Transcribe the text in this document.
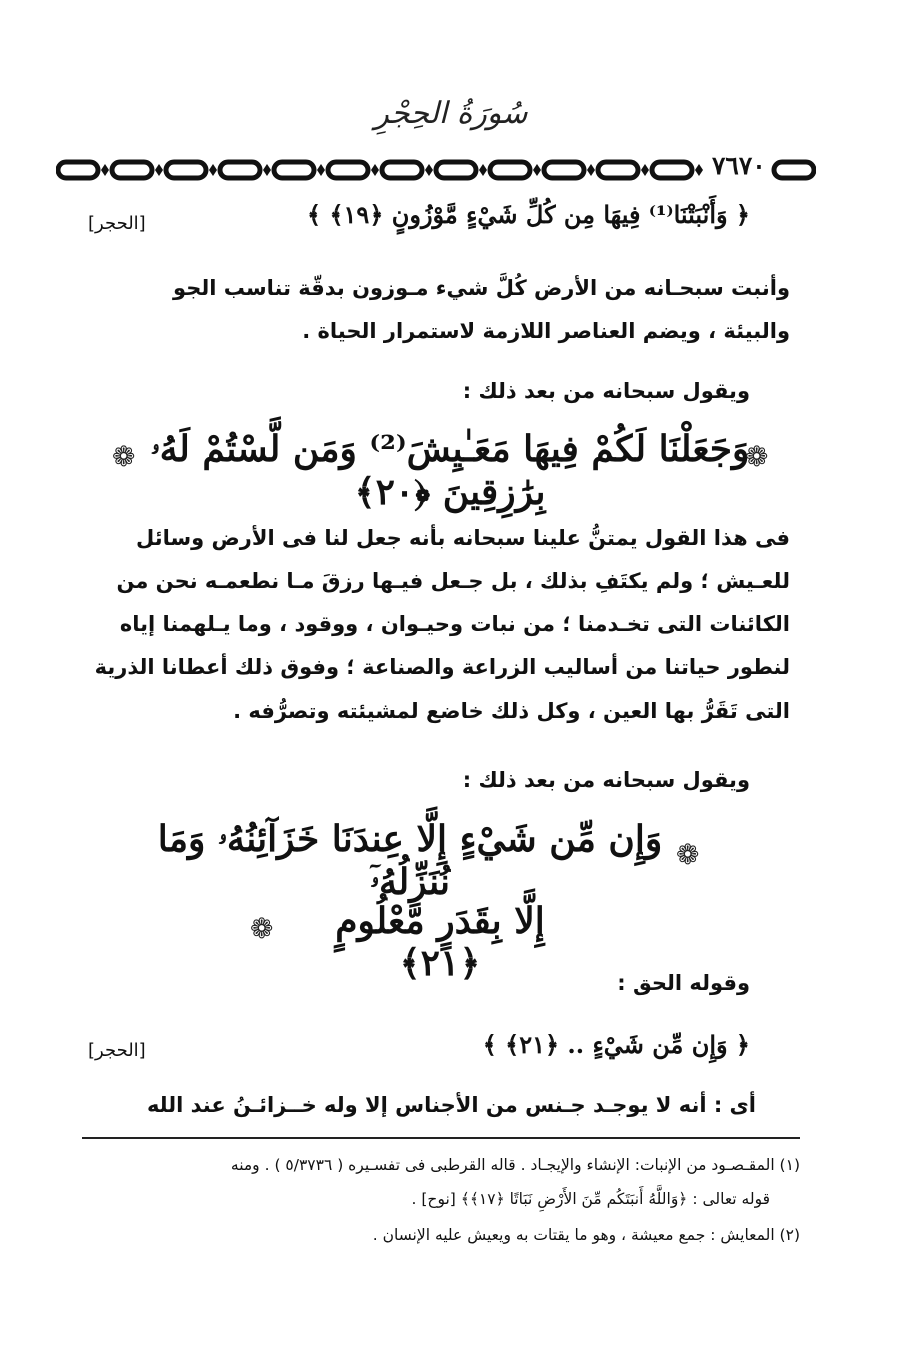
سُورَةُ الحِجْرِ
٧٦٧٠
﴿ وَأَنْبَتْنَا⁽¹⁾ فِيهَا مِن كُلِّ شَيْءٍ مَّوْزُونٍ ﴿١٩﴾ ﴾
[الحجر]
وأنبت سبحـانه من الأرض كُلَّ شيء مـوزون بدقّة تناسب الجو
والبيئة ، ويضم العناصر اللازمة لاستمرار الحياة .
ويقول سبحانه من بعد ذلك :
❁ وَجَعَلْنَا لَكُمْ فِيهَا مَعَـٰيِشَ⁽²⁾ وَمَن لَّسْتُمْ لَهُۥ بِرَٰزِقِينَ ﴿٢٠﴾
❁
فى هذا القول يمتنُّ علينا سبحانه بأنه جعل لنا فى الأرض وسائل
للعـيش ؛ ولم يكتَفِ بذلك ، بل جـعل فيـها رزقَ مـا نطعمـه نحن من
الكائنات التى تخـدمنا ؛ من نبات وحيـوان ، ووقود ، وما يـلهمنا إياه
لنطور حياتنا من أساليب الزراعة والصناعة ؛ وفوق ذلك أعطانا الذرية
التى تَقَرُّ بها العين ، وكل ذلك خاضع لمشيئته وتصرُّفه .
ويقول سبحانه من بعد ذلك :
❁
وَإِن مِّن شَيْءٍ إِلَّا عِندَنَا خَزَآئِنُهُۥ وَمَا نُنَزِّلُهُۥٓ
إِلَّا بِقَدَرٍ مَّعْلُومٍ ﴿٢١﴾
❁
وقوله الحق :
﴿ وَإِن مِّن شَيْءٍ .. ﴿٢١﴾ ﴾
[الحجر]
أى : أنه لا يوجـد جـنس من الأجناس إلا وله خــزائـنُ عند الله
(١) المقـصـود من الإنبات: الإنشاء والإيجـاد . قاله القرطبى فى تفسـيره ( ٥/٣٧٣٦ ) . ومنه
قوله تعالى : ﴿وَاللَّهُ أَنبَتَكُم مِّنَ الأَرْضِ نَبَاتًا ﴿١٧﴾﴾ [نوح] .
(٢) المعايش : جمع معيشة ، وهو ما يقتات به ويعيش عليه الإنسان .
